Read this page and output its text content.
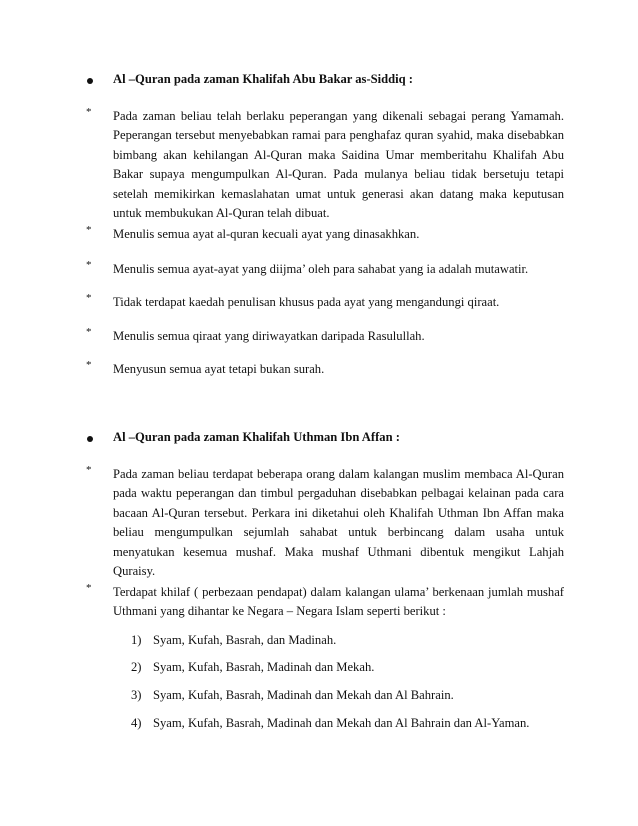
Al –Quran pada zaman Khalifah Abu Bakar as-Siddiq :
* Pada zaman beliau telah berlaku peperangan yang dikenali sebagai perang Yamamah.
Peperangan tersebut menyebabkan ramai para penghafaz quran syahid, maka disebabkan
bimbang akan kehilangan Al-Quran maka Saidina Umar memberitahu Khalifah Abu
Bakar supaya mengumpulkan Al-Quran. Pada mulanya beliau tidak bersetuju tetapi
setelah memikirkan kemaslahatan umat untuk generasi akan datang maka keputusan
untuk membukukan Al-Quran telah dibuat.
* Menulis semua ayat al-quran kecuali ayat yang dinasakhkan.
* Menulis semua ayat-ayat yang diijma’ oleh para sahabat yang ia adalah mutawatir.
* Tidak terdapat kaedah penulisan khusus pada ayat yang mengandungi qiraat.
* Menulis semua qiraat yang diriwayatkan daripada Rasulullah.
* Menyusun semua ayat tetapi bukan surah.
Al –Quran pada zaman Khalifah Uthman Ibn Affan :
* Pada zaman beliau terdapat beberapa orang dalam kalangan muslim membaca Al-Quran
pada waktu peperangan dan timbul pergaduhan disebabkan pelbagai kelainan pada cara
bacaan Al-Quran tersebut. Perkara ini diketahui oleh Khalifah Uthman Ibn Affan maka
beliau mengumpulkan sejumlah sahabat untuk berbincang dalam usaha untuk
menyatukan kesemua mushaf. Maka mushaf Uthmani dibentuk mengikut Lahjah
Quraisy.
* Terdapat khilaf ( perbezaan pendapat) dalam kalangan ulama’ berkenaan jumlah mushaf
Uthmani yang dihantar ke Negara – Negara Islam seperti berikut :
1) Syam, Kufah, Basrah, dan Madinah.
2) Syam, Kufah, Basrah, Madinah dan Mekah.
3) Syam, Kufah, Basrah, Madinah dan Mekah dan Al Bahrain.
4) Syam, Kufah, Basrah, Madinah dan Mekah dan Al Bahrain dan Al-Yaman.
